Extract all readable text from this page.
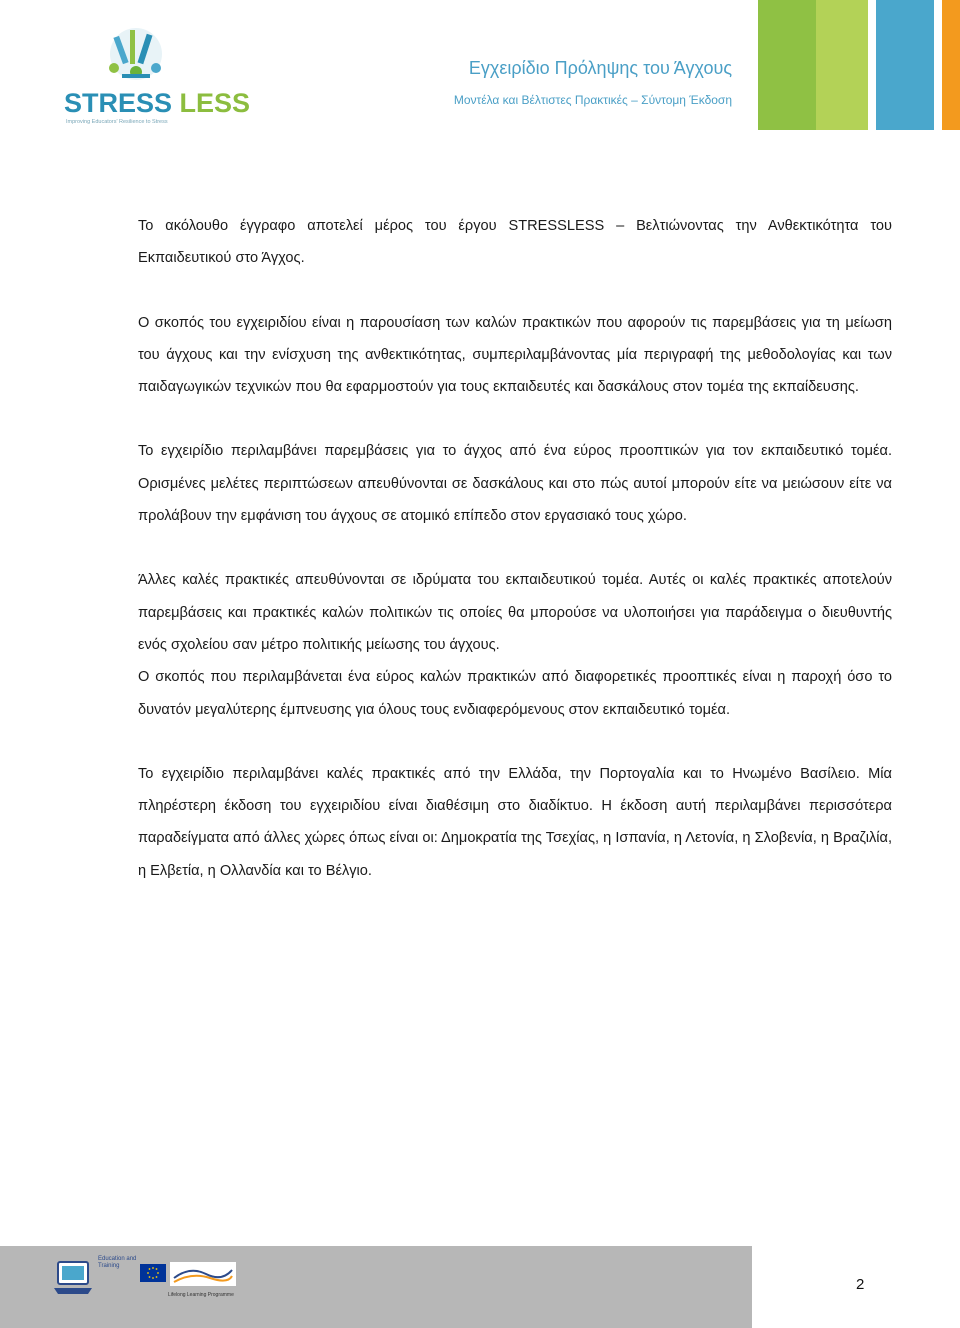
STRESS LESS
Improving Educators' Resilience to Stress
Εγχειρίδιο Πρόληψης του Άγχους
Μοντέλα και Βέλτιστες Πρακτικές – Σύντομη Έκδοση

Το ακόλουθο έγγραφο αποτελεί μέρος του έργου STRESSLESS – Βελτιώνοντας την Ανθεκτικότητα του Εκπαιδευτικού στο Άγχος.

Ο σκοπός του εγχειριδίου είναι η παρουσίαση των καλών πρακτικών που αφορούν τις παρεμβάσεις για τη μείωση του άγχους και την ενίσχυση της ανθεκτικότητας, συμπεριλαμβάνοντας μία περιγραφή της μεθοδολογίας και των παιδαγωγικών τεχνικών που θα εφαρμοστούν για τους εκπαιδευτές και δασκάλους στον τομέα της εκπαίδευσης.

Το εγχειρίδιο περιλαμβάνει παρεμβάσεις για το άγχος από ένα εύρος προοπτικών για τον εκπαιδευτικό τομέα. Ορισμένες μελέτες περιπτώσεων απευθύνονται σε δασκάλους και στο πώς αυτοί μπορούν είτε να μειώσουν είτε να προλάβουν την εμφάνιση του άγχους σε ατομικό επίπεδο στον εργασιακό τους χώρο.

Άλλες καλές πρακτικές απευθύνονται σε ιδρύματα του εκπαιδευτικού τομέα. Αυτές οι καλές πρακτικές αποτελούν παρεμβάσεις και πρακτικές καλών πολιτικών τις οποίες θα μπορούσε να υλοποιήσει για παράδειγμα ο διευθυντής ενός σχολείου σαν μέτρο πολιτικής μείωσης του άγχους.

Ο σκοπός που περιλαμβάνεται ένα εύρος καλών πρακτικών από διαφορετικές προοπτικές είναι η παροχή όσο το δυνατόν μεγαλύτερης έμπνευσης για όλους τους ενδιαφερόμενους στον εκπαιδευτικό τομέα.

Το εγχειρίδιο περιλαμβάνει καλές πρακτικές από την Ελλάδα, την Πορτογαλία και το Ηνωμένο Βασίλειο. Μία πληρέστερη έκδοση του εγχειριδίου είναι διαθέσιμη στο διαδίκτυο. Η έκδοση αυτή περιλαμβάνει περισσότερα παραδείγματα από άλλες χώρες όπως είναι οι: Δημοκρατία της Τσεχίας, η Ισπανία, η Λετονία, η Σλοβενία, η Βραζιλία, η Ελβετία, η Ολλανδία και το Βέλγιο.

Education and Training
Lifelong Learning Programme
2
